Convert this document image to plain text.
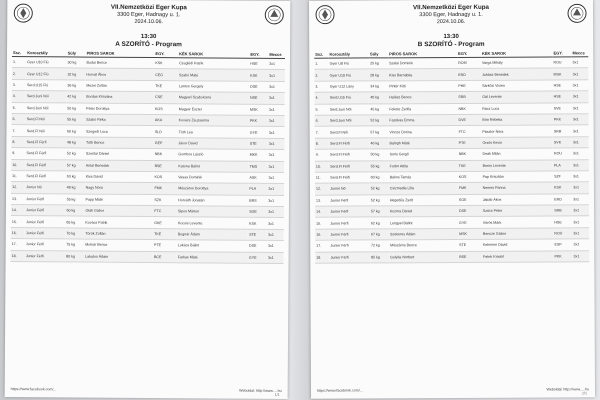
VII.Nemzetközi Eger Kupa
3300 Eger, Hadnagy u. 1.
2024.10.06.
13:30
A SZORÍTÓ - Program
Ssz.	Korosztály	Súly	PIROS SAROK	EGY.	KÉK SAROK	EGY.	Meccs
1.	Gyer U10 Fiú	30 kg	Budai Bence	KSK	Czeglédi Patrik	HSE	3x1
2.	Gyer U12 Fiú	32 kg	Horvát Ákos	CEG	Szabó Máté	KSK	3x1
3.	Serd.U15 Fiú	36 kg	Mezei Zoltán	TKE	Lantos Gergely	DSE	3x1
4.	Serd.Juni Női	42 kg	Bordas Krisztina	CSE	Magyari Szabolcsné	NSE	3x1
5.	Serd.Juni Női	50 kg	Péter Dorottya	KOS	Magyar Eszter	MSK	3x1
6.	Serd.Fl Női	55 kg	Szabó Réka	AKA	Kovács Zsuzsanna	PKK	3x1
7.	Serd.Fl Női	60 kg	Szegedi Luca	SLD	Tóth Lea	GYE	3x1
8.	Serd.Fl Férfi	48 kg	Tóth Bence	GEP	Jávor Dávid	STE	3x1
9.	Serd.Fl Férfi	52 kg	Szentai Dániel	NBK	Gombos László	MKK	3x1
10.	Serd.Fl Férfi	57 kg	Antal Benedek	BSE	Katona Bálint	TMS	3x1
11.	Serd.Fl Férfi	63 kg	Kiss Dávid	KOS	Vasas Dominik	ASK	3x1
12.	Junior Nő	48 kg	Nagy Nóra	FMK	Mészáros Dorottya	PLA	3x1
13.	Junior Férfi	55 kg	Papp Máté	SZK	Horváth Jonatán	BRS	3x1
14.	Junior Férfi	60 kg	Oláh Gábor	FTC	Sipos Márton	SGE	3x1
15.	Junior Férfi	65 kg	Kovács Patrik	GKE	Kocsis Levente	KSK	3x1
16.	Junior Férfi	70 kg	Török Zoltán	TKE	Bognár Ádám	STE	3x1
17.	Junior Férfi	75 kg	Molnár Bence	PTE	Lukács Bálint	DSE	3x1
18.	Junior Férfi	80 kg	Lakatos Ádám	BCE	Farkas Máté	GYE	3x1
https://www.facebook.com/...	Weboldal: http://www.....hu
1/1
VII.Nemzetközi Eger Kupa
3300 Eger, Hadnagy u. 1.
2024.10.06.
13:30
B SZORÍTÓ - Program
Ssz.	Korosztály	Súly	PIROS SAROK	EGY.	KÉK SAROK	EGY.	Meccs
1.	Gyer U8 Fiú	25 kg	Szalai Dominik	ROM	Varga Mihály	ROU	3x1
2.	Gyer U10 Fiú	28 kg	Kiss Barnabás	ERD	Juhász Benedek	MSK	3x1
3.	Gyer U12 Lány	34 kg	Pintér Kitti	PHE	Sárközi Vivien	HSE	3x1
4.	Serd.U15 Fiú	40 kg	Halász Bence	SRB	Gál Levente	HSE	3x1
5.	Serd.Juni Női	45 kg	Fekete Zsófia	NBK	Rácz Luca	SVE	3x1
6.	Serd.Juni Női	52 kg	Fazekas Emma	DVE	Bíró Rebeka	PKK	3x1
7.	Serd.Fl Női	57 kg	Vincze Dorina	FTC	Pásztor Nóra	SRB	3x1
8.	Serd.Fl Férfi	46 kg	Balogh Máté	PTE	Orsós Kevin	SVK	3x1
9.	Serd.Fl Férfi	50 kg	Soós Gergő	NBK	Deák Milán	ROU	3x1
10.	Serd.Fl Férfi	55 kg	Fodor Attila	TKE	Boros Levente	PLA	3x1
11.	Serd.Fl Férfi	60 kg	Bakos Tamás	KOS	Pap Krisztián	SZF	3x1
12.	Junior Nő	52 kg	Csizmadia Lilla	FMK	Nemes Panna	KSK	3x1
13.	Junior Férfi	52 kg	Hegedűs Zsolt	SGE	Jakab Ákos	ERD	3x1
14.	Junior Férfi	57 kg	Kozma Dániel	DSE	Szűcs Péter	SRB	3x1
15.	Junior Férfi	62 kg	Lengyel Bálint	GYE	Vörös Márk	HSE	3x1
16.	Junior Férfi	67 kg	Szekeres Ádám	MSK	Bencze Gábor	ROU	3x1
17.	Junior Férfi	72 kg	Mészáros Bence	STE	Kelemen Dávid	ESP	3x1
18.	Junior Férfi	85 kg	Gulyás Norbert	BSE	Fehér Kristóf	PKK	3x1
https://www.facebook.com/...	Weboldal: http://www.....hu
1/1
